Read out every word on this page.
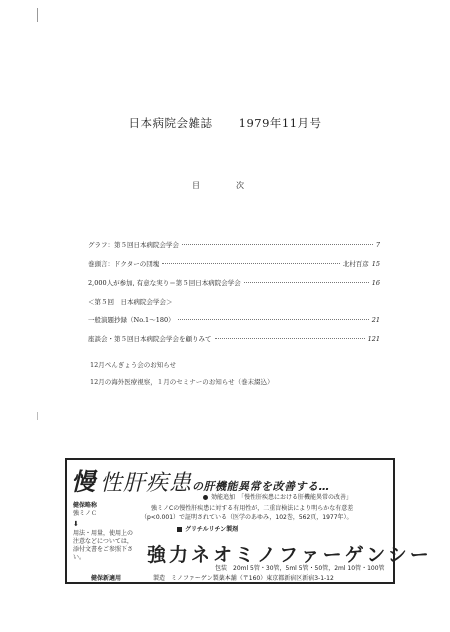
日本病院会雑誌 1979年11月号
目　次
グラフ：第５回日本病院会学会	7
巻頭言：ドクターの団塊	北村百彦 15
2,000人が参加, 有意な実り＝第５回日本病院会学会	16
＜第５回　日本病院会学会＞
一般演題抄録（No.1～180）	21
座談会・第５回日本病院会学会を顧りみて	121
12月ぺんぎょう会のお知らせ
12月の海外医療視察，１月のセミナーのお知らせ（巻末綴込）
慢 性肝疾患の肝機能異常を改善する…
効能追加　「慢性肝疾患における肝機能異常の改善」
強ミノCの慢性肝疾患に対する有用性が，二重盲検法により明らかな有意差
（p<0.001）で証明されている（医学のあゆみ，102巻，562頁，1977年）。
健保略称
強ミノＣ
⬇
用法・用量，使用上の注意などについては，添付文書をご参照下さい。
グリチルリチン製剤
強力ネオミノファーゲンシー
包装　20ml 5管・30管，5ml 5管・50管，2ml 10管・100管
健保新適用	製造　ミノファーゲン製薬本舗（〒160）東京都新宿区新宿3-1-12
